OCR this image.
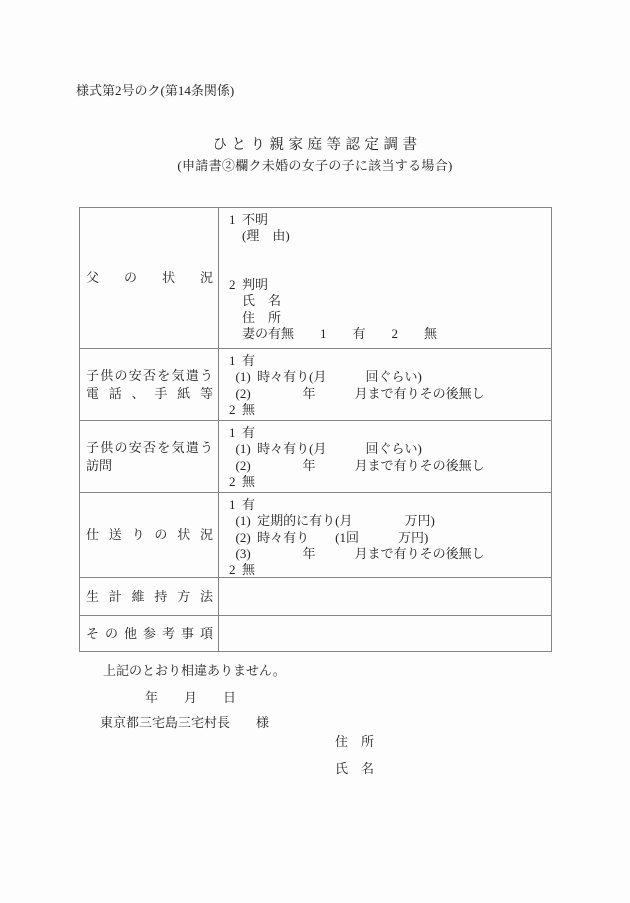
様式第2号のク(第14条関係)
ひとり親家庭等認定調書
(申請書②欄ク未婚の女子の子に該当する場合)
父の状況
1  不明
　(理　由)

2  判明
　氏　名
　住　所
　妻の有無　　1　　有　　2　　無
子供の安否を気遣う
電話、手紙等
1  有
(1)  時々有り(月　　　回ぐらい)
(2)　　　　年　　　月まで有りその後無し
2  無
子供の安否を気遣う
訪問
1  有
(1)  時々有り(月　　　回ぐらい)
(2)　　　　年　　　月まで有りその後無し
2  無
仕送りの状況
1  有
(1)  定期的に有り(月　　　　万円)
(2)  時々有り　　(1回　　　万円)
(3)　　　　年　　　月まで有りその後無し
2  無
生計維持方法
その他参考事項
上記のとおり相違ありません。
年　　月　　日
東京都三宅島三宅村長　　様
住　所
氏　名
